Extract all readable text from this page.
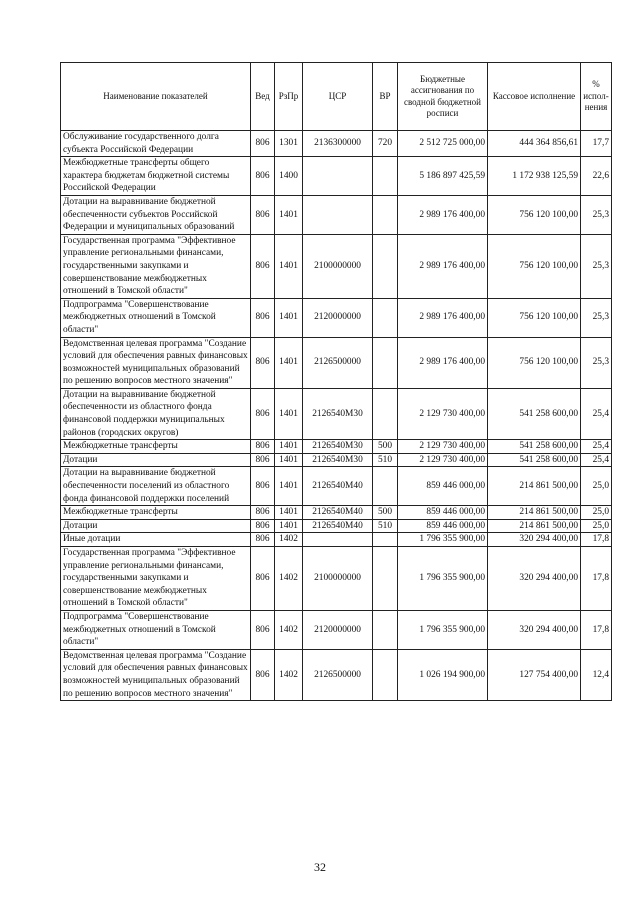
Наименование показателей	Вед	РзПр	ЦСР	ВР	Бюджетные ассигнования по сводной бюджетной росписи	Кассовое исполнение	% испол-нения
Обслуживание государственного долга субъекта Российской Федерации	806	1301	2136300000	720	2 512 725 000,00	444 364 856,61	17,7
Межбюджетные трансферты общего характера бюджетам бюджетной системы Российской Федерации	806	1400			5 186 897 425,59	1 172 938 125,59	22,6
Дотации на выравнивание бюджетной обеспеченности субъектов Российской Федерации и муниципальных образований	806	1401			2 989 176 400,00	756 120 100,00	25,3
Государственная программа "Эффективное управление региональными финансами, государственными закупками и совершенствование межбюджетных отношений в Томской области"	806	1401	2100000000		2 989 176 400,00	756 120 100,00	25,3
Подпрограмма "Совершенствование межбюджетных отношений в Томской области"	806	1401	2120000000		2 989 176 400,00	756 120 100,00	25,3
Ведомственная целевая программа "Создание условий для обеспечения равных финансовых возможностей муниципальных образований по решению вопросов местного значения"	806	1401	2126500000		2 989 176 400,00	756 120 100,00	25,3
Дотации на выравнивание бюджетной обеспеченности из областного фонда финансовой поддержки муниципальных районов (городских округов)	806	1401	2126540М30		2 129 730 400,00	541 258 600,00	25,4
Межбюджетные трансферты	806	1401	2126540М30	500	2 129 730 400,00	541 258 600,00	25,4
Дотации	806	1401	2126540М30	510	2 129 730 400,00	541 258 600,00	25,4
Дотации на выравнивание бюджетной обеспеченности поселений из областного фонда финансовой поддержки поселений	806	1401	2126540М40		859 446 000,00	214 861 500,00	25,0
Межбюджетные трансферты	806	1401	2126540М40	500	859 446 000,00	214 861 500,00	25,0
Дотации	806	1401	2126540М40	510	859 446 000,00	214 861 500,00	25,0
Иные дотации	806	1402			1 796 355 900,00	320 294 400,00	17,8
Государственная программа "Эффективное управление региональными финансами, государственными закупками и совершенствование межбюджетных отношений в Томской области"	806	1402	2100000000		1 796 355 900,00	320 294 400,00	17,8
Подпрограмма "Совершенствование межбюджетных отношений в Томской области"	806	1402	2120000000		1 796 355 900,00	320 294 400,00	17,8
Ведомственная целевая программа "Создание условий для обеспечения равных финансовых возможностей муниципальных образований по решению вопросов местного значения"	806	1402	2126500000		1 026 194 900,00	127 754 400,00	12,4
32
